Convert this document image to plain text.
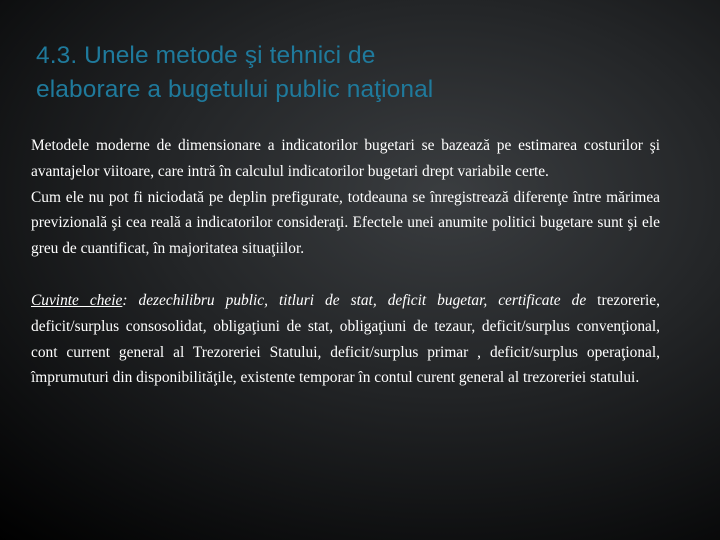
4.3. Unele metode şi tehnici de
elaborare a bugetului public naţional

Metodele moderne de dimensionare a indicatorilor bugetari se bazează pe estimarea costurilor şi avantajelor viitoare, care intră în calculul indicatorilor bugetari drept variabile certe.

Cum ele nu pot fi niciodată pe deplin prefigurate, totdeauna se înregistrează diferenţe între mărimea previzională şi cea reală a indicatorilor consideraţi. Efectele unei anumite politici bugetare sunt şi ele greu de cuantificat, în majoritatea situaţiilor.

Cuvinte cheie: dezechilibru public, titluri de stat, deficit bugetar, certificate de trezorerie, deficit/surplus consosolidat, obligaţiuni de stat, obligaţiuni de tezaur, deficit/surplus convenţional, cont current general al Trezoreriei Statului, deficit/surplus primar , deficit/surplus operaţional, împrumuturi din disponibilităţile, existente temporar în contul curent general al trezoreriei statului.
